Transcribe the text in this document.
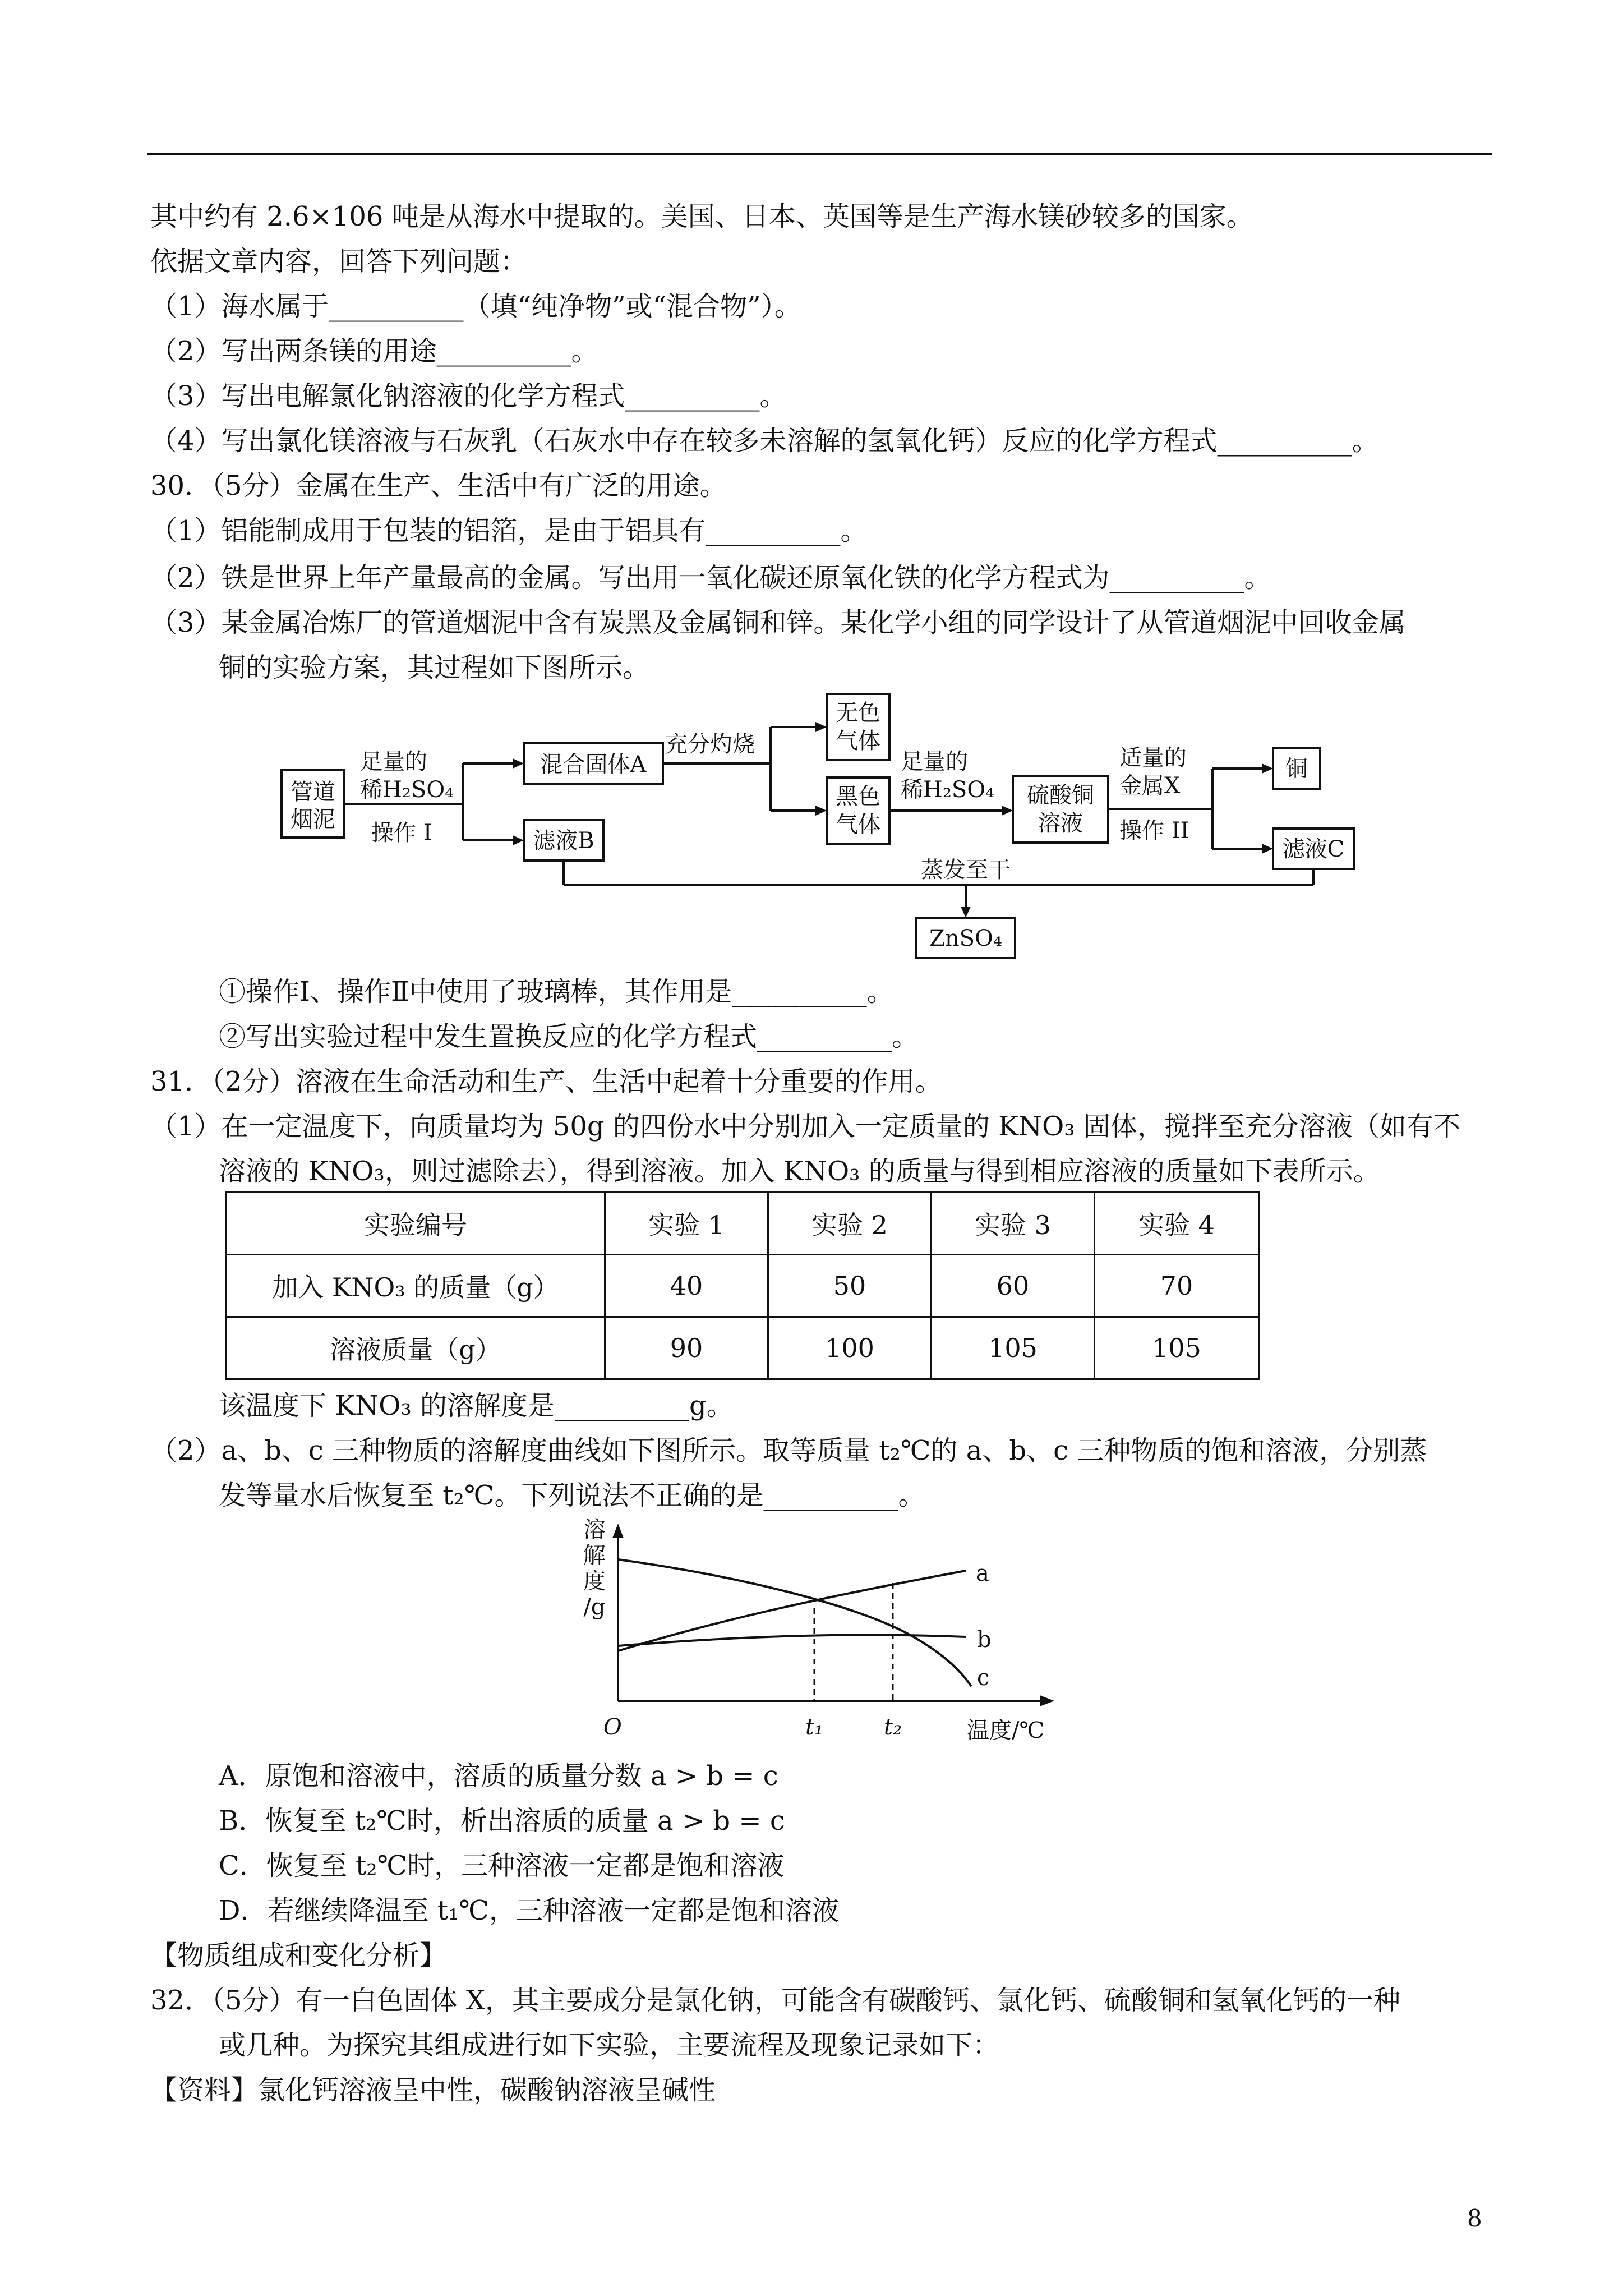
其中约有 2.6×106 吨是从海水中提取的。美国、日本、英国等是生产海水镁砂较多的国家。
依据文章内容，回答下列问题：
（1）海水属于__________（填“纯净物”或“混合物”）。
（2）写出两条镁的用途__________。
（3）写出电解氯化钠溶液的化学方程式__________。
（4）写出氯化镁溶液与石灰乳（石灰水中存在较多未溶解的氢氧化钙）反应的化学方程式__________。
30．（5分）金属在生产、生活中有广泛的用途。
（1）铝能制成用于包装的铝箔，是由于铝具有__________。
（2）铁是世界上年产量最高的金属。写出用一氧化碳还原氧化铁的化学方程式为__________。
（3）某金属冶炼厂的管道烟泥中含有炭黑及金属铜和锌。某化学小组的同学设计了从管道烟泥中回收金属
铜的实验方案，其过程如下图所示。
管道
烟泥
足量的
稀H₂SO₄
操作 I
混合固体A
充分灼烧
无色
气体
黑色
气体
足量的
稀H₂SO₄ 硫酸铜
溶液
适量的
金属X
操作 II
铜
滤液B	滤液C
蒸发至干
ZnSO₄
①操作Ⅰ、操作Ⅱ中使用了玻璃棒，其作用是__________。
②写出实验过程中发生置换反应的化学方程式__________。
31．（2分）溶液在生命活动和生产、生活中起着十分重要的作用。
（1）在一定温度下，向质量均为 50g 的四份水中分别加入一定质量的 KNO₃ 固体，搅拌至充分溶液（如有不
溶液的 KNO₃，则过滤除去），得到溶液。加入 KNO₃ 的质量与得到相应溶液的质量如下表所示。
实验编号	实验 1	实验 2	实验 3	实验 4
加入 KNO₃ 的质量（g）	40	50	60	70
溶液质量（g）	90	100	105	105
该温度下 KNO₃ 的溶解度是__________g。
（2）a、b、c 三种物质的溶解度曲线如下图所示。取等质量 t₂℃的 a、b、c 三种物质的饱和溶液，分别蒸
发等量水后恢复至 t₂℃。下列说法不正确的是__________。
溶
解
度
/g
O	t₁	t₂	温度/℃
a
b
c
A．原饱和溶液中，溶质的质量分数 a > b = c
B．恢复至 t₂℃时，析出溶质的质量 a > b = c
C．恢复至 t₂℃时，三种溶液一定都是饱和溶液
D．若继续降温至 t₁℃，三种溶液一定都是饱和溶液
【物质组成和变化分析】
32．（5分）有一白色固体 X，其主要成分是氯化钠，可能含有碳酸钙、氯化钙、硫酸铜和氢氧化钙的一种
或几种。为探究其组成进行如下实验，主要流程及现象记录如下：
【资料】氯化钙溶液呈中性，碳酸钠溶液呈碱性
8
